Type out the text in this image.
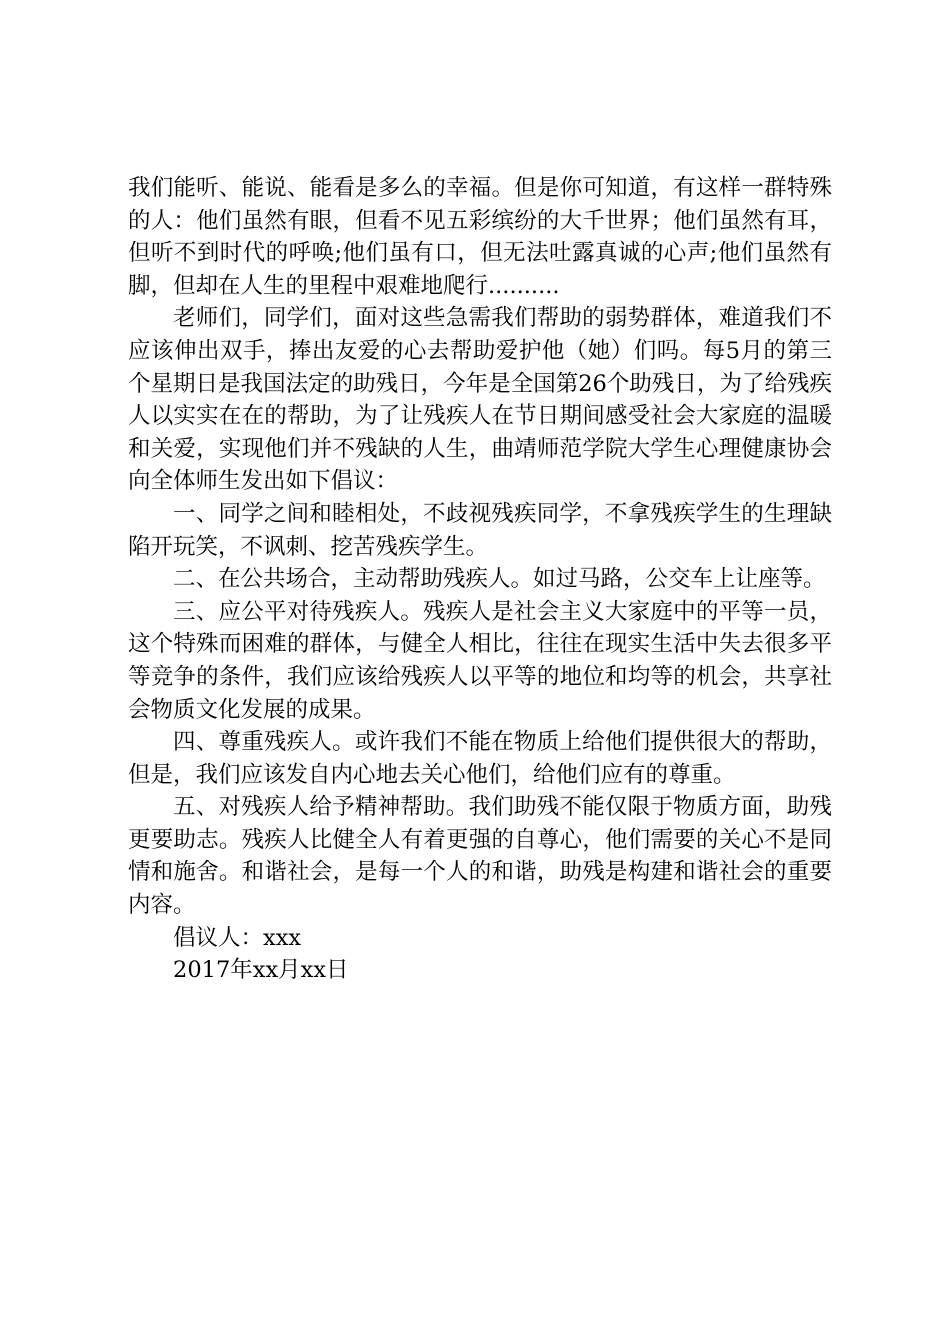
我们能听、能说、能看是多么的幸福。但是你可知道，有这样一群特殊的人：他们虽然有眼，但看不见五彩缤纷的大千世界；他们虽然有耳，但听不到时代的呼唤;他们虽有口，但无法吐露真诚的心声;他们虽然有脚，但却在人生的里程中艰难地爬行..........

老师们，同学们，面对这些急需我们帮助的弱势群体，难道我们不应该伸出双手，捧出友爱的心去帮助爱护他（她）们吗。每5月的第三个星期日是我国法定的助残日，今年是全国第26个助残日，为了给残疾人以实实在在的帮助，为了让残疾人在节日期间感受社会大家庭的温暖和关爱，实现他们并不残缺的人生，曲靖师范学院大学生心理健康协会向全体师生发出如下倡议：

一、同学之间和睦相处，不歧视残疾同学，不拿残疾学生的生理缺陷开玩笑，不讽刺、挖苦残疾学生。

二、在公共场合，主动帮助残疾人。如过马路，公交车上让座等。

三、应公平对待残疾人。残疾人是社会主义大家庭中的平等一员，这个特殊而困难的群体，与健全人相比，往往在现实生活中失去很多平等竞争的条件，我们应该给残疾人以平等的地位和均等的机会，共享社会物质文化发展的成果。

四、尊重残疾人。或许我们不能在物质上给他们提供很大的帮助，但是，我们应该发自内心地去关心他们，给他们应有的尊重。

五、对残疾人给予精神帮助。我们助残不能仅限于物质方面，助残更要助志。残疾人比健全人有着更强的自尊心，他们需要的关心不是同情和施舍。和谐社会，是每一个人的和谐，助残是构建和谐社会的重要内容。

倡议人：xxx

2017年xx月xx日
